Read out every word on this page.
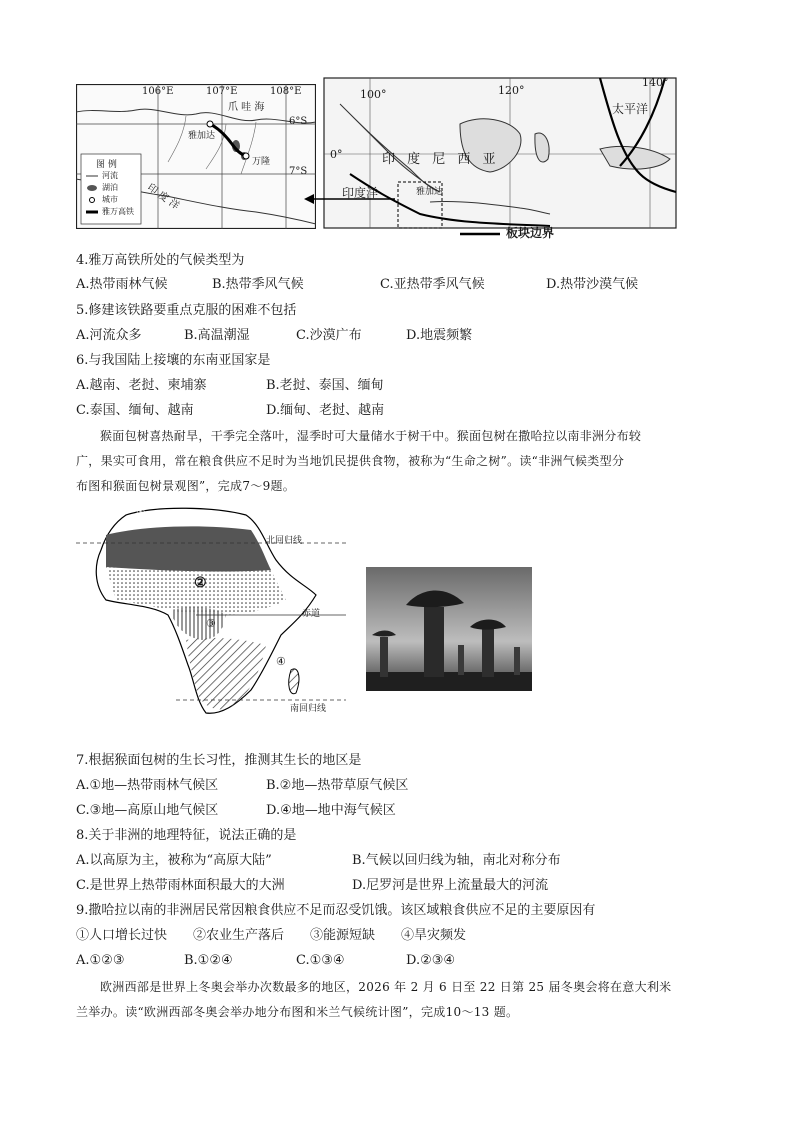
106°E	107°E	108°E
6°S
7°S
爪 哇 海
雅加达
万隆
印 度 洋
图 例
河流
湖泊
城市
雅万高铁
100°	120°
140°
0°
太平洋
印 度 尼 西 亚
印度洋	雅加达
板块边界
4.雅万高铁所处的气候类型为
A.热带雨林气候	B.热带季风气候	C.亚热带季风气候	D.热带沙漠气候
5.修建该铁路要重点克服的困难不包括
A.河流众多	B.高温潮湿	C.沙漠广布	D.地震频繁
6.与我国陆上接壤的东南亚国家是
A.越南、老挝、柬埔寨	B.老挝、泰国、缅甸
C.泰国、缅甸、越南	D.缅甸、老挝、越南
猴面包树喜热耐旱，干季完全落叶，湿季时可大量储水于树干中。猴面包树在撒哈拉以南非洲分布较
广，果实可食用，常在粮食供应不足时为当地饥民提供食物，被称为“生命之树”。读“非洲气候类型分
布图和猴面包树景观图”，完成7～9题。
北回归线
赤道
南回归线
①
②
③
④
7.根据猴面包树的生长习性，推测其生长的地区是
A.①地—热带雨林气候区	B.②地—热带草原气候区
C.③地—高原山地气候区	D.④地—地中海气候区
8.关于非洲的地理特征，说法正确的是
A.以高原为主，被称为“高原大陆”	B.气候以回归线为轴，南北对称分布
C.是世界上热带雨林面积最大的大洲	D.尼罗河是世界上流量最大的河流
9.撒哈拉以南的非洲居民常因粮食供应不足而忍受饥饿。该区域粮食供应不足的主要原因有
①人口增长过快　　②农业生产落后　　③能源短缺　　④旱灾频发
A.①②③	B.①②④	C.①③④	D.②③④
欧洲西部是世界上冬奥会举办次数最多的地区，2026 年 2 月 6 日至 22 日第 25 届冬奥会将在意大利米
兰举办。读“欧洲西部冬奥会举办地分布图和米兰气候统计图”，完成10～13 题。
